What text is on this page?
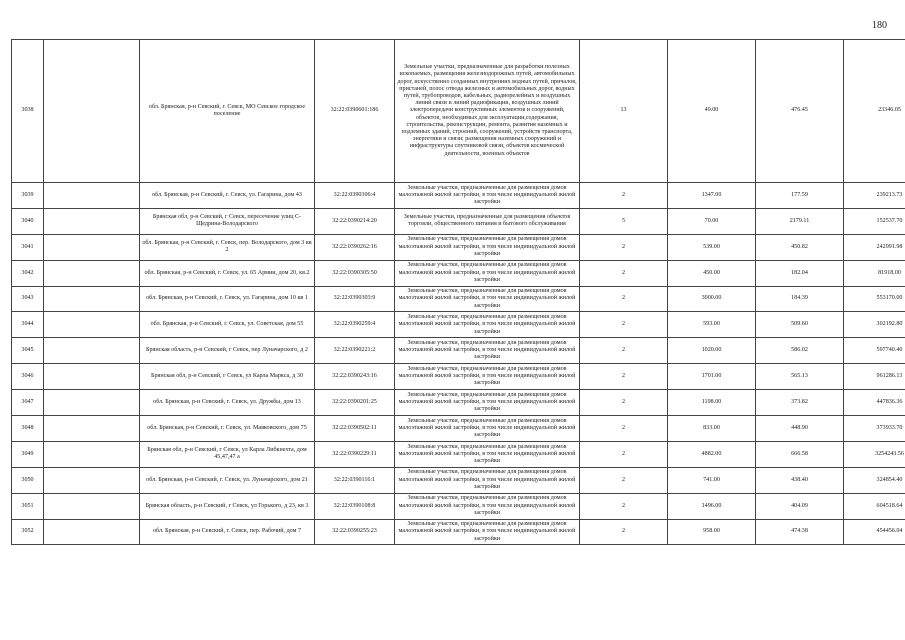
180
3038		обл. Брянская, р-н Севский, г. Севск, МО Севское городское поселение	32:22:0390601:186	Земельные участки, предназначенные для разработки полезных ископаемых, размещения железнодорожных путей, автомобильных дорог, искусственно созданных внутренних водных путей, причалов, пристаней, полос отвода железных и автомобильных дорог, водных путей, трубопроводов, кабельных, радиорелейных и воздушных линий связи и линий радиофикации, воздушных линий электропередачи конструктивных элементов и сооружений, объектов, необходимых для эксплуатации,содержания, строительства, реконструкции, ремонта, развития наземных и подземных зданий, строений, сооружений, устройств транспорта, энергетики и связи; размещения наземных сооружений и инфраструктуры спутниковой связи, объектов космической деятельности, военных объектов	13	49.00	476.45	23346.05
3039		обл. Брянская, р-н Севский, г. Севск, ул. Гагарина, дом 43	32:22:0390306:4	Земельные участки, предназначенные для размещения домов малоэтажной жилой застройки, в том числе индивидуальной жилой застройки	2	1347.00	177.59	239213.73
3040		Брянская обл, р-н Севский, г Севск, пересечение улиц С-Щедрина-Володарского	32:22:0390214:20	Земельные участки, предназначенные для размещения объектов торговли, общественного питания и бытового обслуживания	5	70.00	2179.11	152537.70
3041		обл. Брянская, р-н Севский, г. Севск, пер. Володарского, дом 3 кв 2	32:22:0390262:16	Земельные участки, предназначенные для размещения домов малоэтажной жилой застройки, в том числе индивидуальной жилой застройки	2	539.00	450.82	242991.98
3042		обл. Брянская, р-н Севский, г. Севск, ул. 65 Армии, дом 20, кв.2	32:22:0390305:50	Земельные участки, предназначенные для размещения домов малоэтажной жилой застройки, в том числе индивидуальной жилой застройки	2	450.00	182.04	81918.00
3043		обл. Брянская, р-н Севский, г. Севск, ул. Гагарина, дом 10 кв 1	32:22:0390303:9	Земельные участки, предназначенные для размещения домов малоэтажной жилой застройки, в том числе индивидуальной жилой застройки	2	3000.00	184.39	553170.00
3044		обл. Брянская, р-н Севский, г. Севск, ул. Советская, дом 55	32:22:0390259:4	Земельные участки, предназначенные для размещения домов малоэтажной жилой застройки, в том числе индивидуальной жилой застройки	2	593.00	509.60	302192.80
3045		Брянская область, р-н Севский, г Севск, пер Луначарского, д 2	32:22:0390221:2	Земельные участки, предназначенные для размещения домов малоэтажной жилой застройки, в том числе индивидуальной жилой застройки	2	1020.00	586.02	597740.40
3046		Брянская обл, р-н Севский, г Севск, ул Карла Маркса, д 30	32:22:0390243:16	Земельные участки, предназначенные для размещения домов малоэтажной жилой застройки, в том числе индивидуальной жилой застройки	2	1701.00	565.13	961286.13
3047		обл. Брянская, р-н Севский, г. Севск, ул. Дружбы, дом 13	32:22:0390201:25	Земельные участки, предназначенные для размещения домов малоэтажной жилой застройки, в том числе индивидуальной жилой застройки	2	1198.00	373.82	447836.36
3048		обл. Брянская, р-н Севский, г. Севск, ул. Маяковского, дом 75	32:22:0390502:11	Земельные участки, предназначенные для размещения домов малоэтажной жилой застройки, в том числе индивидуальной жилой застройки	2	833.00	448.90	373933.70
3049		Брянская обл, р-н Севский, г Севск, ул Карла Либкнехта, дом 45,47,47 а	32:22:0390229:11	Земельные участки, предназначенные для размещения домов малоэтажной жилой застройки, в том числе индивидуальной жилой застройки	2	4882.00	666.58	3254243.56
3050		обл. Брянская, р-н Севский, г. Севск, ул. Луначарского, дом 21	32:22:0390116:1	Земельные участки, предназначенные для размещения домов малоэтажной жилой застройки, в том числе индивидуальной жилой застройки	2	741.00	438.40	324854.40
3051		Брянская область, р-н Севский, г Севск, ул Горького, д 23, кв 3	32:22:0390108:8	Земельные участки, предназначенные для размещения домов малоэтажной жилой застройки, в том числе индивидуальной жилой застройки	2	1496.00	404.09	604518.64
3052		обл. Брянская, р-н Севский, г. Севск, пер. Рабочий, дом 7	32:22:0390255:23	Земельные участки, предназначенные для размещения домов малоэтажной жилой застройки, в том числе индивидуальной жилой застройки	2	958.00	474.38	454456.04
